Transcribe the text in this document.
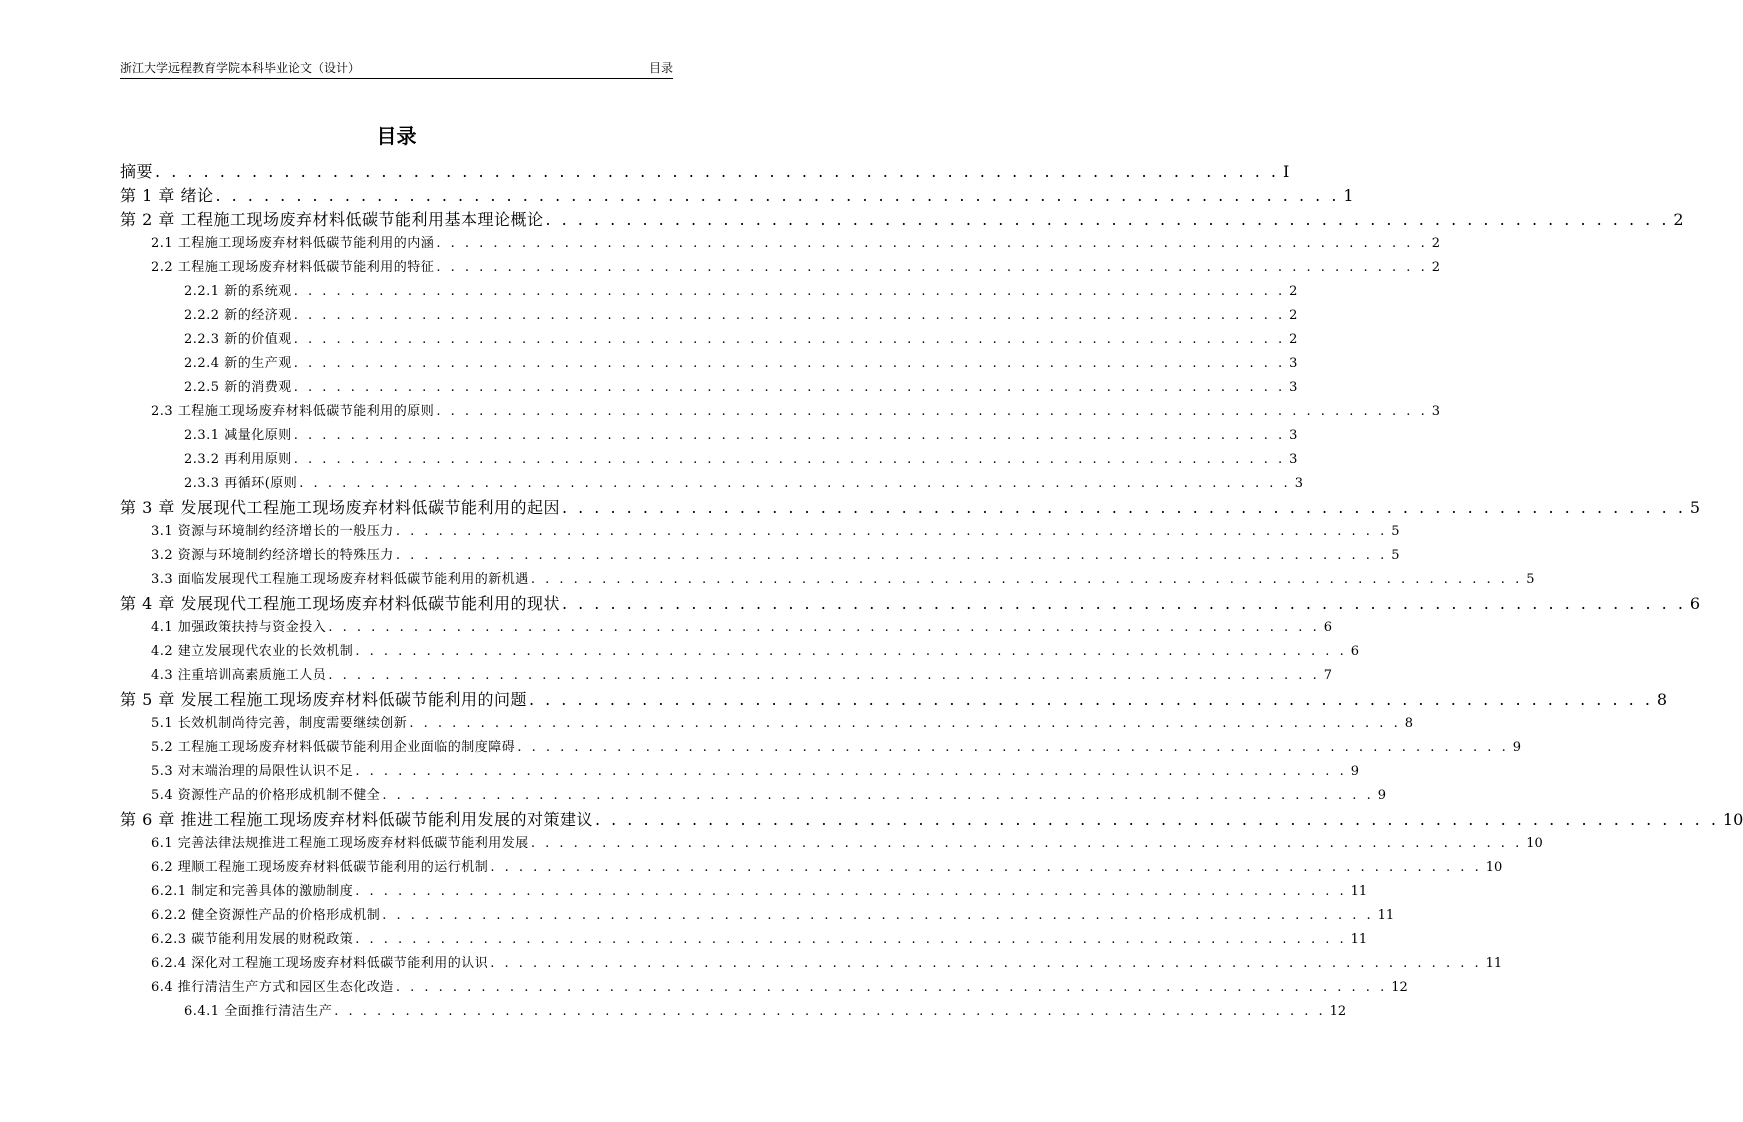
浙江大学远程教育学院本科毕业论文（设计）	目录
目录
摘要 . . . . . . . . . . . . . . . . . . . . . . . . . . . . . . . . . . . . . . . . . . . . . . . . . . . . . . . . . . . . . . . . . . . . . . I
第 1 章 绪论 . . . . . . . . . . . . . . . . . . . . . . . . . . . . . . . . . . . . . . . . . . . . . . . . . . . . . . . . . . . . . . . . . . . . . . 1
第 2 章 工程施工现场废弃材料低碳节能利用基本理论概论 . . . . . . . . . . . . . . . . . . . . . . . . . . . . . . . . . . . . . . . . . . . . . . . . . . . . . . . . . . . . . . . . . . . . . . 2
2.1 工程施工现场废弃材料低碳节能利用的内涵 . . . . . . . . . . . . . . . . . . . . . . . . . . . . . . . . . . . . . . . . . . . . . . . . . . . . . . . . . . . . . . . . . . . . . . 2
2.2 工程施工现场废弃材料低碳节能利用的特征 . . . . . . . . . . . . . . . . . . . . . . . . . . . . . . . . . . . . . . . . . . . . . . . . . . . . . . . . . . . . . . . . . . . . . . 2
2.2.1 新的系统观 . . . . . . . . . . . . . . . . . . . . . . . . . . . . . . . . . . . . . . . . . . . . . . . . . . . . . . . . . . . . . . . . . . . . . . 2
2.2.2 新的经济观 . . . . . . . . . . . . . . . . . . . . . . . . . . . . . . . . . . . . . . . . . . . . . . . . . . . . . . . . . . . . . . . . . . . . . . 2
2.2.3 新的价值观 . . . . . . . . . . . . . . . . . . . . . . . . . . . . . . . . . . . . . . . . . . . . . . . . . . . . . . . . . . . . . . . . . . . . . . 2
2.2.4 新的生产观 . . . . . . . . . . . . . . . . . . . . . . . . . . . . . . . . . . . . . . . . . . . . . . . . . . . . . . . . . . . . . . . . . . . . . . 3
2.2.5 新的消费观 . . . . . . . . . . . . . . . . . . . . . . . . . . . . . . . . . . . . . . . . . . . . . . . . . . . . . . . . . . . . . . . . . . . . . . 3
2.3 工程施工现场废弃材料低碳节能利用的原则 . . . . . . . . . . . . . . . . . . . . . . . . . . . . . . . . . . . . . . . . . . . . . . . . . . . . . . . . . . . . . . . . . . . . . . 3
2.3.1 减量化原则 . . . . . . . . . . . . . . . . . . . . . . . . . . . . . . . . . . . . . . . . . . . . . . . . . . . . . . . . . . . . . . . . . . . . . . 3
2.3.2 再利用原则 . . . . . . . . . . . . . . . . . . . . . . . . . . . . . . . . . . . . . . . . . . . . . . . . . . . . . . . . . . . . . . . . . . . . . . 3
2.3.3 再循环(原则 . . . . . . . . . . . . . . . . . . . . . . . . . . . . . . . . . . . . . . . . . . . . . . . . . . . . . . . . . . . . . . . . . . . . . . 3
第 3 章 发展现代工程施工现场废弃材料低碳节能利用的起因 . . . . . . . . . . . . . . . . . . . . . . . . . . . . . . . . . . . . . . . . . . . . . . . . . . . . . . . . . . . . . . . . . . . . . . 5
3.1 资源与环境制约经济增长的一般压力 . . . . . . . . . . . . . . . . . . . . . . . . . . . . . . . . . . . . . . . . . . . . . . . . . . . . . . . . . . . . . . . . . . . . . . 5
3.2 资源与环境制约经济增长的特殊压力 . . . . . . . . . . . . . . . . . . . . . . . . . . . . . . . . . . . . . . . . . . . . . . . . . . . . . . . . . . . . . . . . . . . . . . 5
3.3 面临发展现代工程施工现场废弃材料低碳节能利用的新机遇 . . . . . . . . . . . . . . . . . . . . . . . . . . . . . . . . . . . . . . . . . . . . . . . . . . . . . . . . . . . . . . . . . . . . . . 5
第 4 章 发展现代工程施工现场废弃材料低碳节能利用的现状 . . . . . . . . . . . . . . . . . . . . . . . . . . . . . . . . . . . . . . . . . . . . . . . . . . . . . . . . . . . . . . . . . . . . . . 6
4.1 加强政策扶持与资金投入 . . . . . . . . . . . . . . . . . . . . . . . . . . . . . . . . . . . . . . . . . . . . . . . . . . . . . . . . . . . . . . . . . . . . . . 6
4.2 建立发展现代农业的长效机制 . . . . . . . . . . . . . . . . . . . . . . . . . . . . . . . . . . . . . . . . . . . . . . . . . . . . . . . . . . . . . . . . . . . . . . 6
4.3 注重培训高素质施工人员 . . . . . . . . . . . . . . . . . . . . . . . . . . . . . . . . . . . . . . . . . . . . . . . . . . . . . . . . . . . . . . . . . . . . . . 7
第 5 章 发展工程施工现场废弃材料低碳节能利用的问题 . . . . . . . . . . . . . . . . . . . . . . . . . . . . . . . . . . . . . . . . . . . . . . . . . . . . . . . . . . . . . . . . . . . . . . 8
5.1 长效机制尚待完善，制度需要继续创新 . . . . . . . . . . . . . . . . . . . . . . . . . . . . . . . . . . . . . . . . . . . . . . . . . . . . . . . . . . . . . . . . . . . . . . 8
5.2 工程施工现场废弃材料低碳节能利用企业面临的制度障碍 . . . . . . . . . . . . . . . . . . . . . . . . . . . . . . . . . . . . . . . . . . . . . . . . . . . . . . . . . . . . . . . . . . . . . . 9
5.3 对末端治理的局限性认识不足 . . . . . . . . . . . . . . . . . . . . . . . . . . . . . . . . . . . . . . . . . . . . . . . . . . . . . . . . . . . . . . . . . . . . . . 9
5.4 资源性产品的价格形成机制不健全 . . . . . . . . . . . . . . . . . . . . . . . . . . . . . . . . . . . . . . . . . . . . . . . . . . . . . . . . . . . . . . . . . . . . . . 9
第 6 章 推进工程施工现场废弃材料低碳节能利用发展的对策建议 . . . . . . . . . . . . . . . . . . . . . . . . . . . . . . . . . . . . . . . . . . . . . . . . . . . . . . . . . . . . . . . . . . . . . . 10
6.1 完善法律法规推进工程施工现场废弃材料低碳节能利用发展 . . . . . . . . . . . . . . . . . . . . . . . . . . . . . . . . . . . . . . . . . . . . . . . . . . . . . . . . . . . . . . . . . . . . . . 10
6.2 理顺工程施工现场废弃材料低碳节能利用的运行机制 . . . . . . . . . . . . . . . . . . . . . . . . . . . . . . . . . . . . . . . . . . . . . . . . . . . . . . . . . . . . . . . . . . . . . . 10
6.2.1 制定和完善具体的激励制度 . . . . . . . . . . . . . . . . . . . . . . . . . . . . . . . . . . . . . . . . . . . . . . . . . . . . . . . . . . . . . . . . . . . . . . 11
6.2.2 健全资源性产品的价格形成机制 . . . . . . . . . . . . . . . . . . . . . . . . . . . . . . . . . . . . . . . . . . . . . . . . . . . . . . . . . . . . . . . . . . . . . . 11
6.2.3 碳节能利用发展的财税政策 . . . . . . . . . . . . . . . . . . . . . . . . . . . . . . . . . . . . . . . . . . . . . . . . . . . . . . . . . . . . . . . . . . . . . . 11
6.2.4 深化对工程施工现场废弃材料低碳节能利用的认识 . . . . . . . . . . . . . . . . . . . . . . . . . . . . . . . . . . . . . . . . . . . . . . . . . . . . . . . . . . . . . . . . . . . . . . 11
6.4 推行清洁生产方式和园区生态化改造 . . . . . . . . . . . . . . . . . . . . . . . . . . . . . . . . . . . . . . . . . . . . . . . . . . . . . . . . . . . . . . . . . . . . . . 12
6.4.1 全面推行清洁生产 . . . . . . . . . . . . . . . . . . . . . . . . . . . . . . . . . . . . . . . . . . . . . . . . . . . . . . . . . . . . . . . . . . . . . . 12
